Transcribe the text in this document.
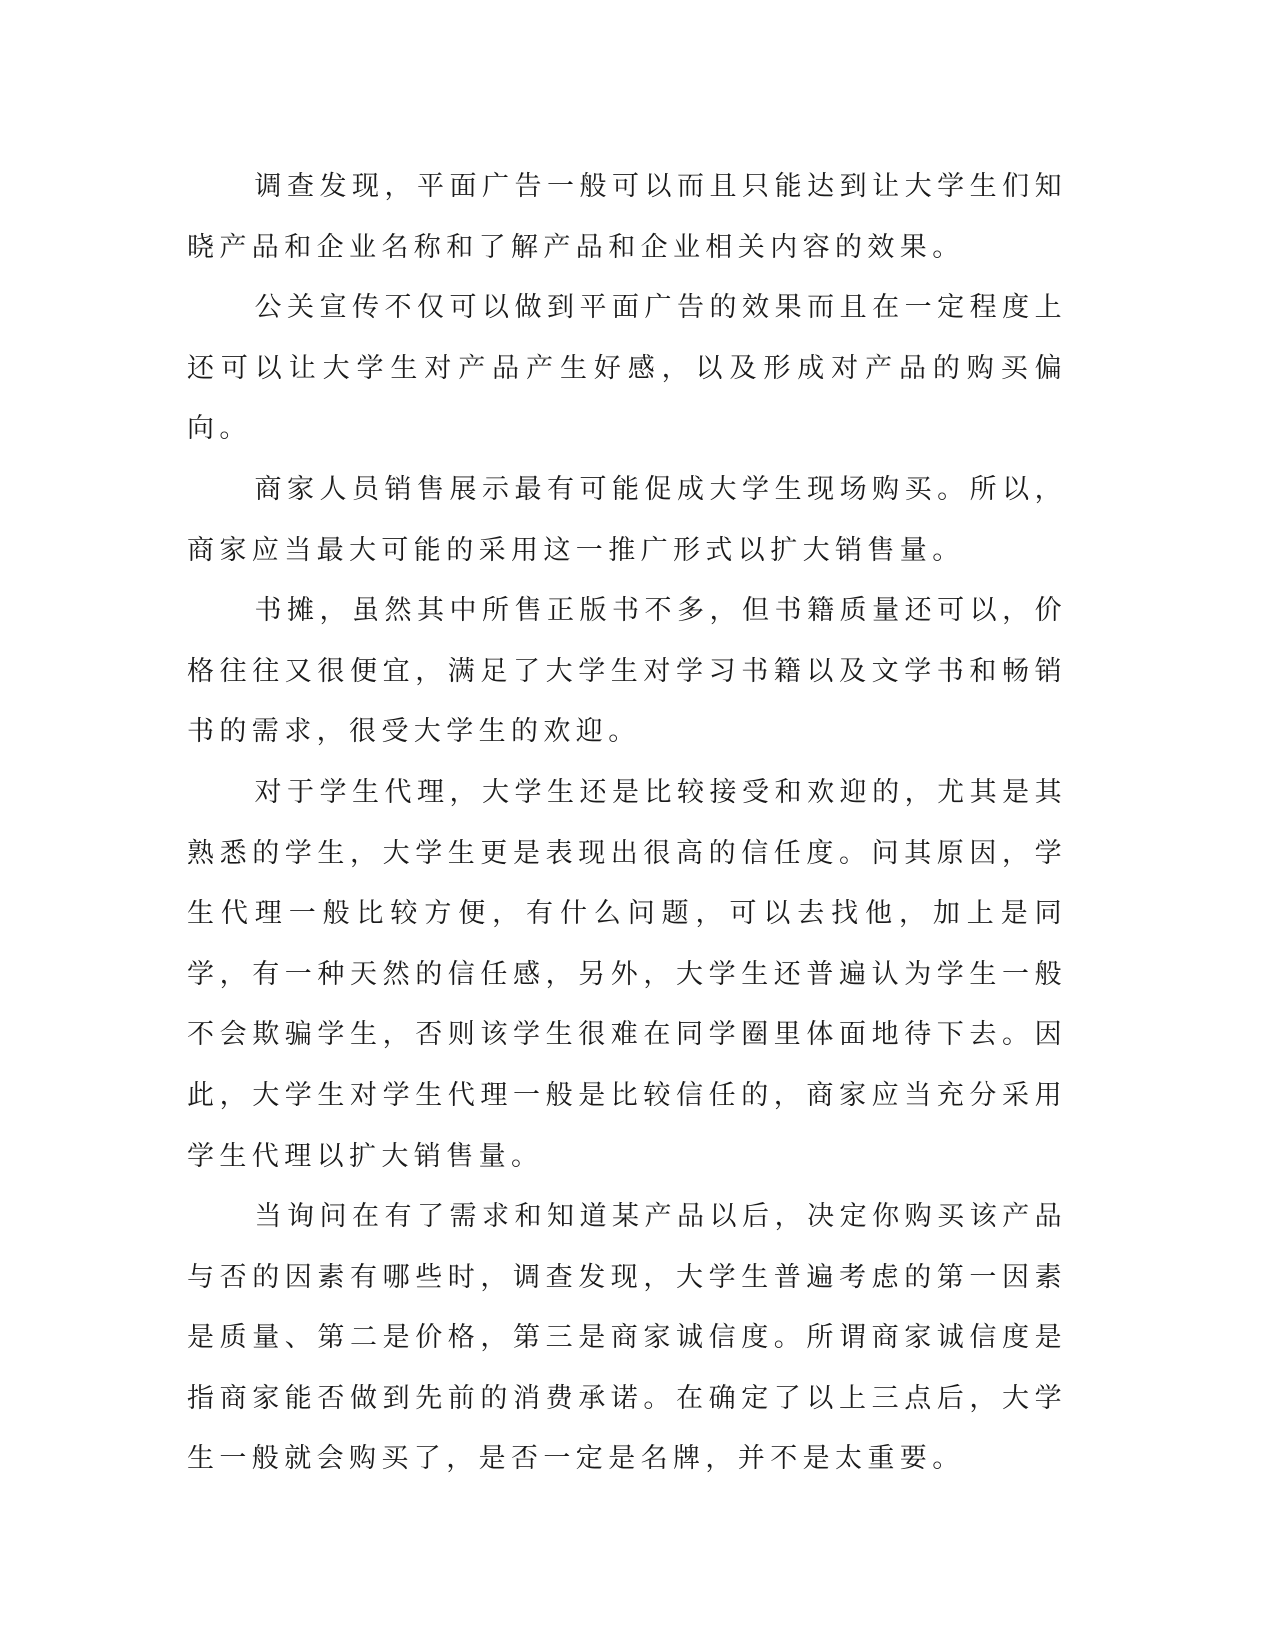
调查发现，平面广告一般可以而且只能达到让大学生们知晓产品和企业名称和了解产品和企业相关内容的效果。

公关宣传不仅可以做到平面广告的效果而且在一定程度上还可以让大学生对产品产生好感，以及形成对产品的购买偏向。

商家人员销售展示最有可能促成大学生现场购买。所以，商家应当最大可能的采用这一推广形式以扩大销售量。

书摊，虽然其中所售正版书不多，但书籍质量还可以，价格往往又很便宜，满足了大学生对学习书籍以及文学书和畅销书的需求，很受大学生的欢迎。

对于学生代理，大学生还是比较接受和欢迎的，尤其是其熟悉的学生，大学生更是表现出很高的信任度。问其原因，学生代理一般比较方便，有什么问题，可以去找他，加上是同学，有一种天然的信任感，另外，大学生还普遍认为学生一般不会欺骗学生，否则该学生很难在同学圈里体面地待下去。因此，大学生对学生代理一般是比较信任的，商家应当充分采用学生代理以扩大销售量。

当询问在有了需求和知道某产品以后，决定你购买该产品与否的因素有哪些时，调查发现，大学生普遍考虑的第一因素是质量、第二是价格，第三是商家诚信度。所谓商家诚信度是指商家能否做到先前的消费承诺。在确定了以上三点后，大学生一般就会购买了，是否一定是名牌，并不是太重要。
